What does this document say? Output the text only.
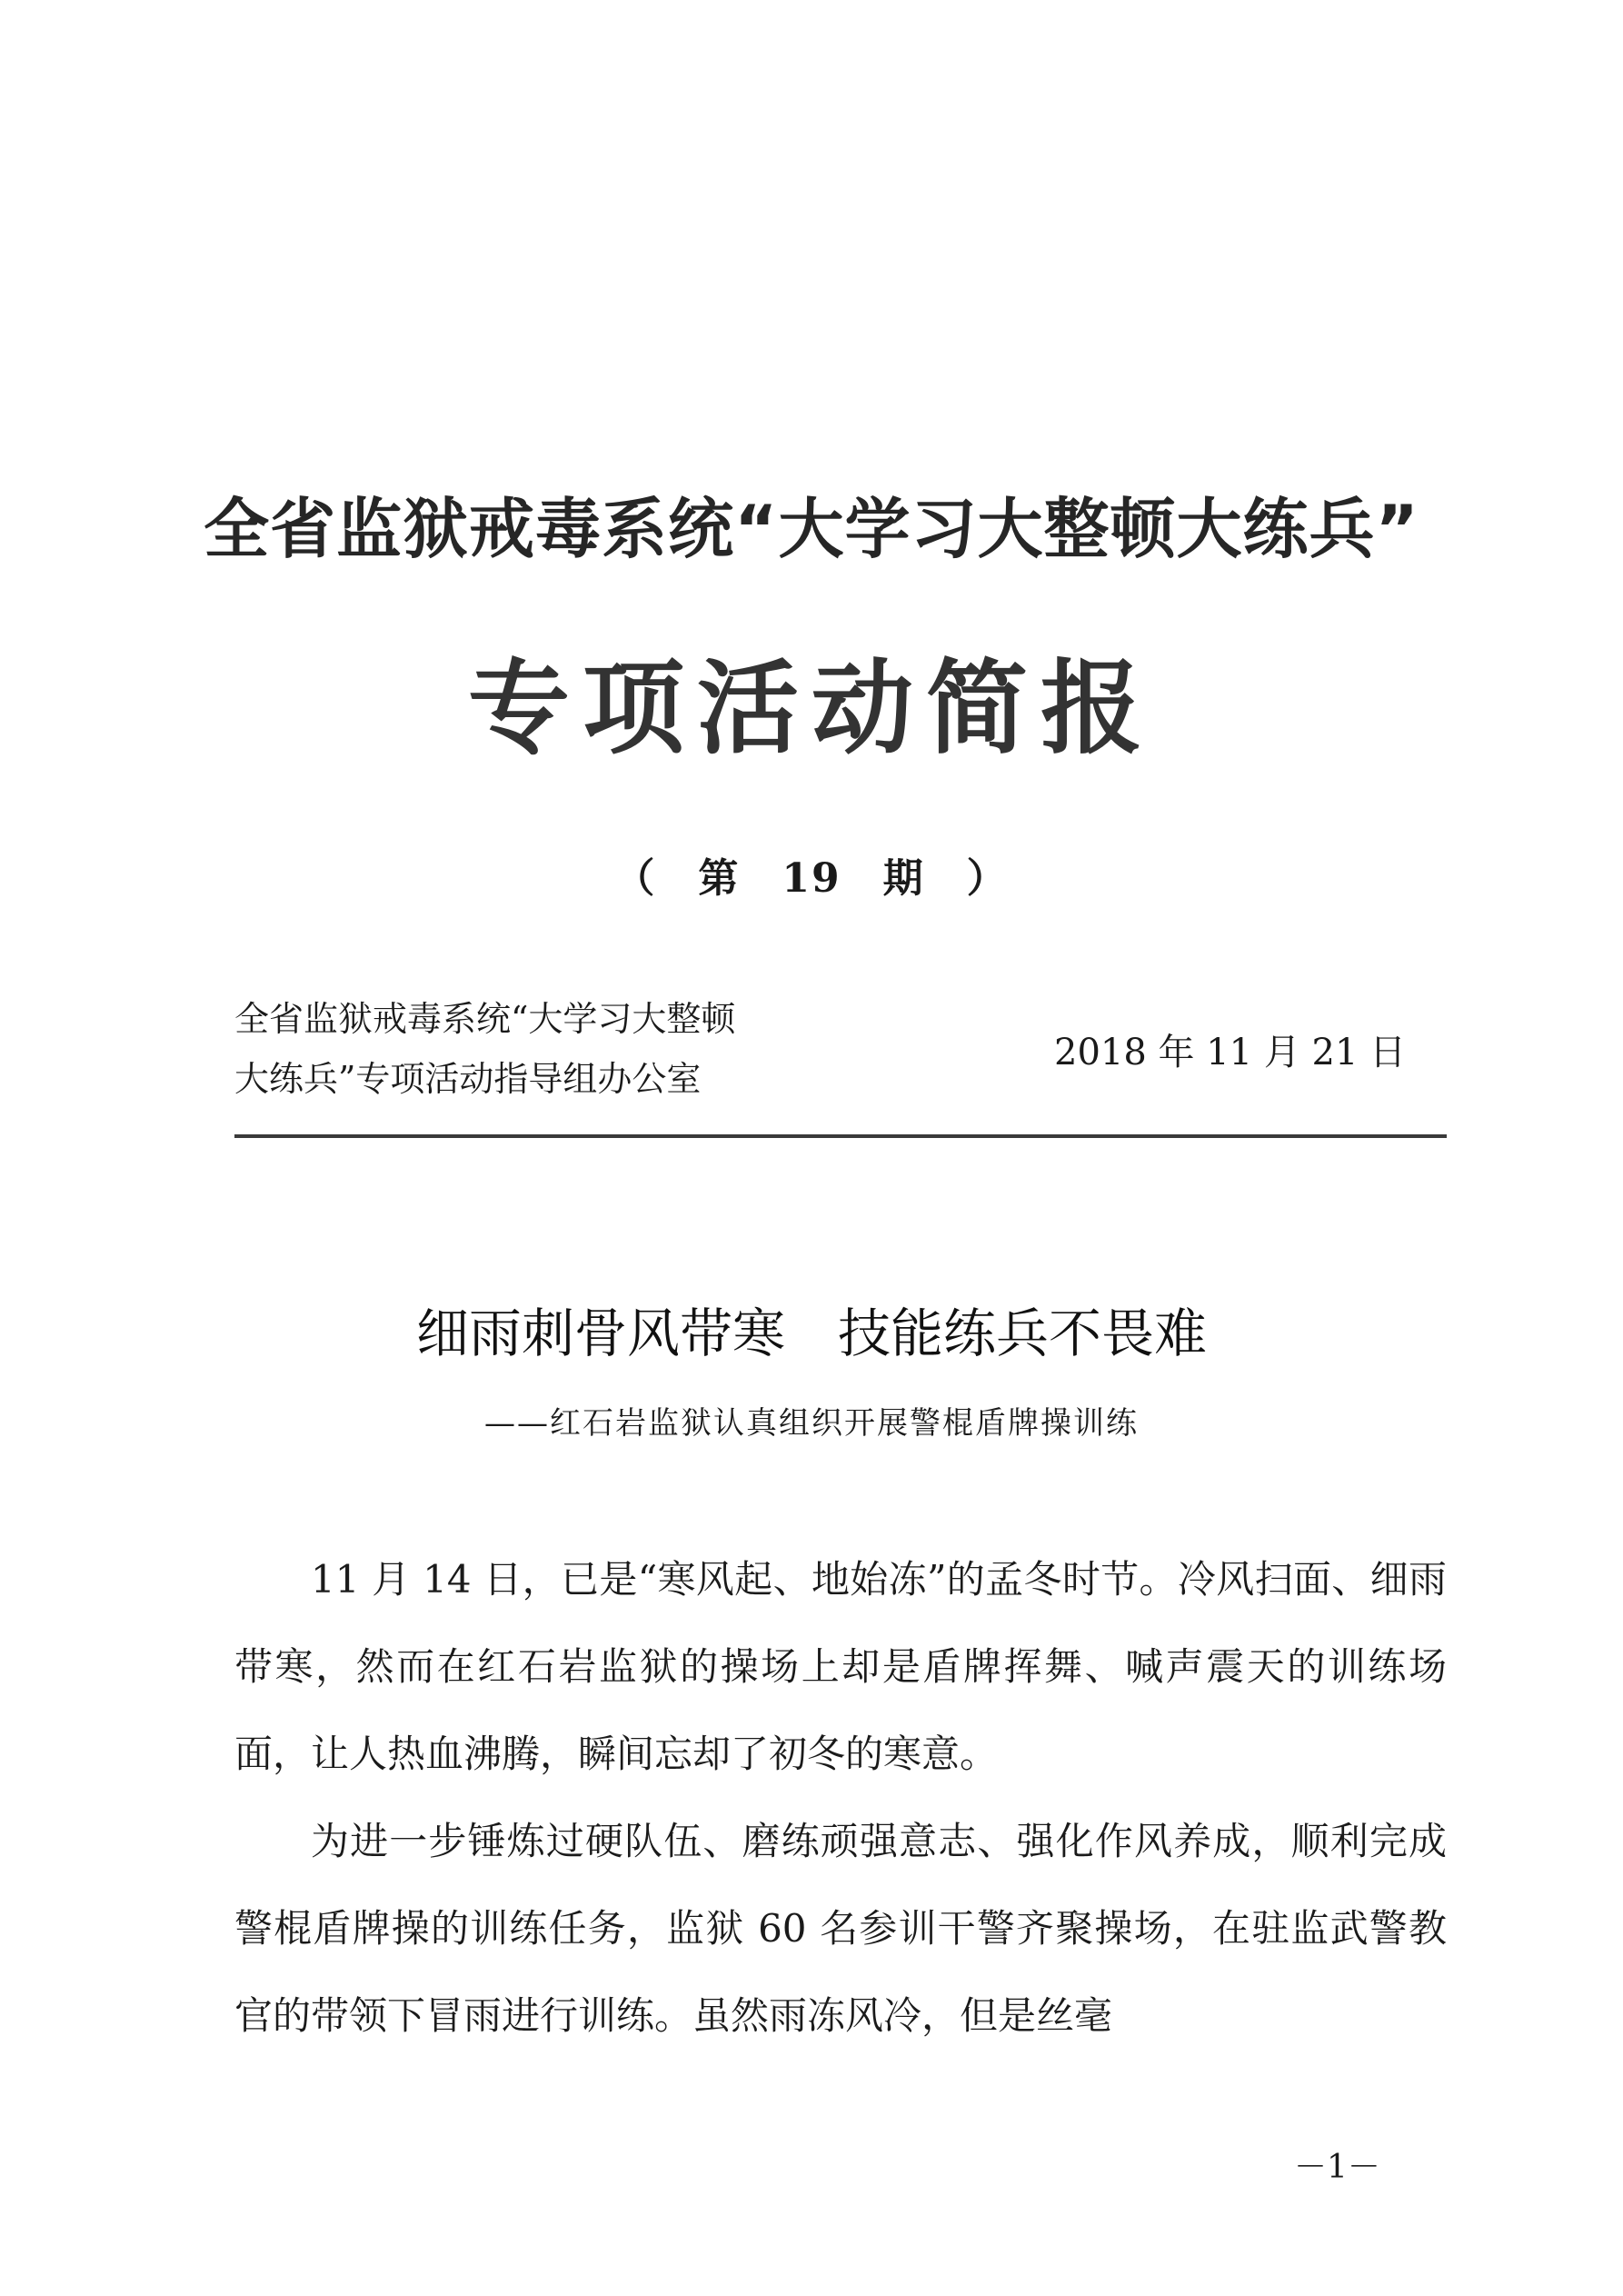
全省监狱戒毒系统“大学习大整顿大练兵”
专项活动简报
（ 第 19 期 ）
全省监狱戒毒系统“大学习大整顿
大练兵”专项活动指导组办公室
2018 年 11 月 21 日
细雨刺骨风带寒 技能练兵不畏难
——红石岩监狱认真组织开展警棍盾牌操训练

11 月 14 日，已是“寒风起、地始冻”的孟冬时节。冷风扫面、细雨带寒，然而在红石岩监狱的操场上却是盾牌挥舞、喊声震天的训练场面，让人热血沸腾，瞬间忘却了初冬的寒意。

为进一步锤炼过硬队伍、磨练顽强意志、强化作风养成，顺利完成警棍盾牌操的训练任务，监狱 60 名参训干警齐聚操场，在驻监武警教官的带领下冒雨进行训练。虽然雨冻风冷，但是丝毫

－1－
